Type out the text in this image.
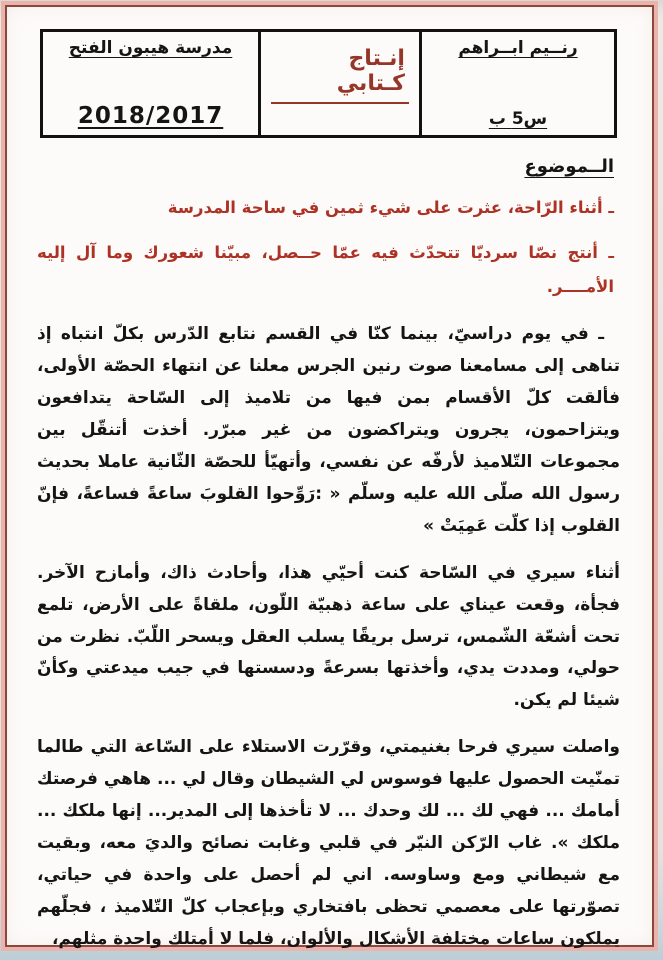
رنــيم ابــراهم
س5 ب

إنـتاج كـتابي

مدرسة هيبون الفتح
2018/2017
الــموضوع
ـ أثناء الرّاحة، عثرت على شيء ثمين في ساحة المدرسة
ـ أنتج نصّا سرديّا تتحدّث فيه عمّا حــصل، مبيّنا شعورك وما آل إليه الأمــــر.

ـ في يوم دراسيّ، بينما كنّا في القسم نتابع الدّرس بكلّ انتباه إذ تناهى إلى مسامعنا صوت رنين الجرس معلنا عن انتهاء الحصّة الأولى، فألقت كلّ الأقسام بمن فيها من تلاميذ إلى السّاحة يتدافعون ويتزاحمون، يجرون ويتراكضون من غير مبرّر. أخذت أتنقّل بين مجموعات التّلاميذ لأرفّه عن نفسي، وأتهيّأ للحصّة الثّانية عاملا بحديث رسول الله صلّى الله عليه وسلّم « :رَوِّحوا القلوبَ ساعةً فساعةً، فإنّ القلوب إذا كلّت عَمِيَتْ »

أثناء سيري في السّاحة كنت أحيّي هذا، وأحادث ذاك، وأمازح الآخر. فجأة، وقعت عيناي على ساعة ذهبيّة اللّون، ملقاةً على الأرض، تلمع تحت أشعّة الشّمس، ترسل بريقًا يسلب العقل ويسحر اللّبّ. نظرت من حولي، ومددت يدي، وأخذتها بسرعةً ودسستها في جيب ميدعتي وكأنّ شيئا لم يكن.

واصلت سيري فرحا بغنيمتي، وقرّرت الاستلاء على السّاعة التي طالما تمنّيت الحصول عليها فوسوس لي الشيطان وقال لي ... هاهي فرصتك أمامك ... فهي لك ... لك وحدك ... لا تأخذها إلى المدير... إنها ملكك ... ملكك ». غاب الرّكن النيّر في قلبي وغابت نصائح والديَ معه، وبقيت مع شيطاني ومع وساوسه. اني لم أحصل على واحدة في حياتي، تصوّرتها على معصمي تحظى بافتخاري وبإعجاب كلّ التّلاميذ ، فجلّهم يملكون ساعات مختلفة الأشكال والألوان، فلما لا أمتلك واحدة مثلهم،
